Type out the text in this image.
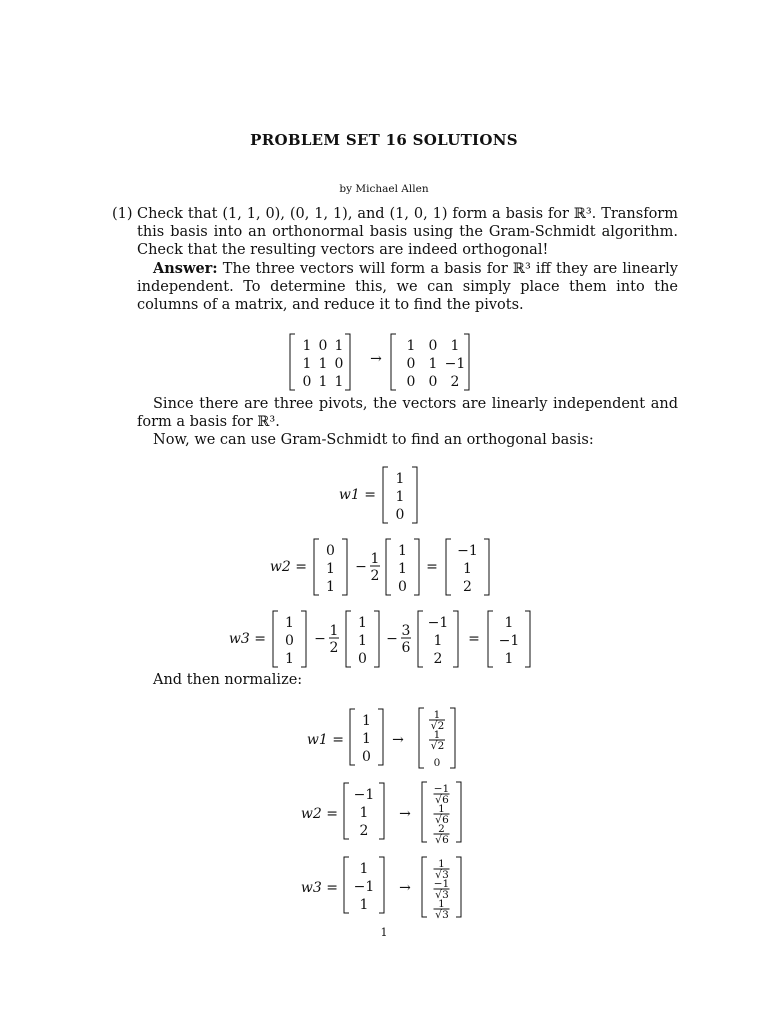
PROBLEM SET 16 SOLUTIONS
by Michael Allen
(1) Check that (1, 1, 0), (0, 1, 1), and (1, 0, 1) form a basis for ℝ³. Transform this basis into an orthonormal basis using the Gram-Schmidt algorithm. Check that the resulting vectors are indeed orthogonal!
Answer: The three vectors will form a basis for ℝ³ iff they are linearly independent. To determine this, we can simply place them into the columns of a matrix, and reduce it to find the pivots.
Since there are three pivots, the vectors are linearly independent and form a basis for ℝ³.
Now, we can use Gram-Schmidt to find an orthogonal basis:
And then normalize:
1
1 0 1
1 1 0
0 1 1
→
1 0 1
0 1 −1
0 0 2
w1 =
1
1
0
w2 =
0
1
1
− 1
2
1
1
0
=
−1
1
2
w3 =
1
0
1
− 1
2
1
1
0
− 3
6
−1
1
2
=
1
−1
1
w1 =
1
1
0
→
1
√ 2
1
√ 2
0
w2 =
−1
1
2
→
−1
√ 6
1
√ 6
2
√ 6
w3 =
1
−1
1
→
1
√ 3
−1
√ 3
1
√ 3
